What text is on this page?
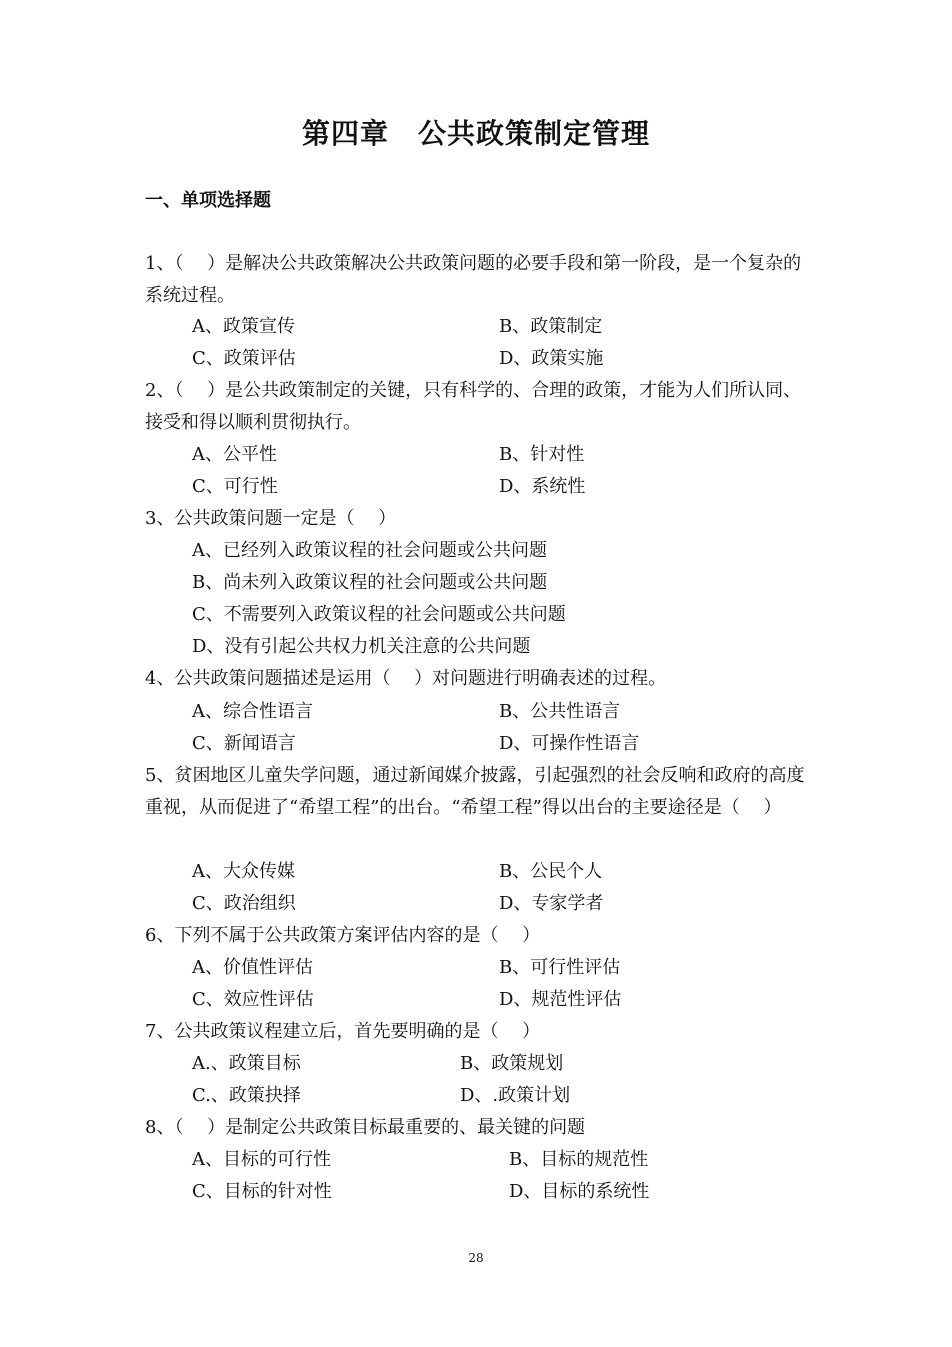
第四章　公共政策制定管理
一、单项选择题
1、（　 ）是解决公共政策解决公共政策问题的必要手段和第一阶段，是一个复杂的系统过程。
A、政策宣传	B、政策制定
C、政策评估	D、政策实施
2、（　 ）是公共政策制定的关键，只有科学的、合理的政策，才能为人们所认同、接受和得以顺利贯彻执行。
A、公平性	B、针对性
C、可行性	D、系统性
3、公共政策问题一定是（　 ）
A、已经列入政策议程的社会问题或公共问题
B、尚未列入政策议程的社会问题或公共问题
C、不需要列入政策议程的社会问题或公共问题
D、没有引起公共权力机关注意的公共问题
4、公共政策问题描述是运用（　 ）对问题进行明确表述的过程。
A、综合性语言	B、公共性语言
C、新闻语言	D、可操作性语言
5、贫困地区儿童失学问题，通过新闻媒介披露，引起强烈的社会反响和政府的高度重视，从而促进了“希望工程”的出台。“希望工程”得以出台的主要途径是（　 ）
A、大众传媒	B、公民个人
C、政治组织	D、专家学者
6、下列不属于公共政策方案评估内容的是（　 ）
A、价值性评估	B、可行性评估
C、效应性评估	D、规范性评估
7、公共政策议程建立后，首先要明确的是（　 ）
A.、政策目标	B、政策规划
C.、政策抉择	D、.政策计划
8、（　 ）是制定公共政策目标最重要的、最关键的问题
A、目标的可行性	B、目标的规范性
C、目标的针对性	D、目标的系统性
28
